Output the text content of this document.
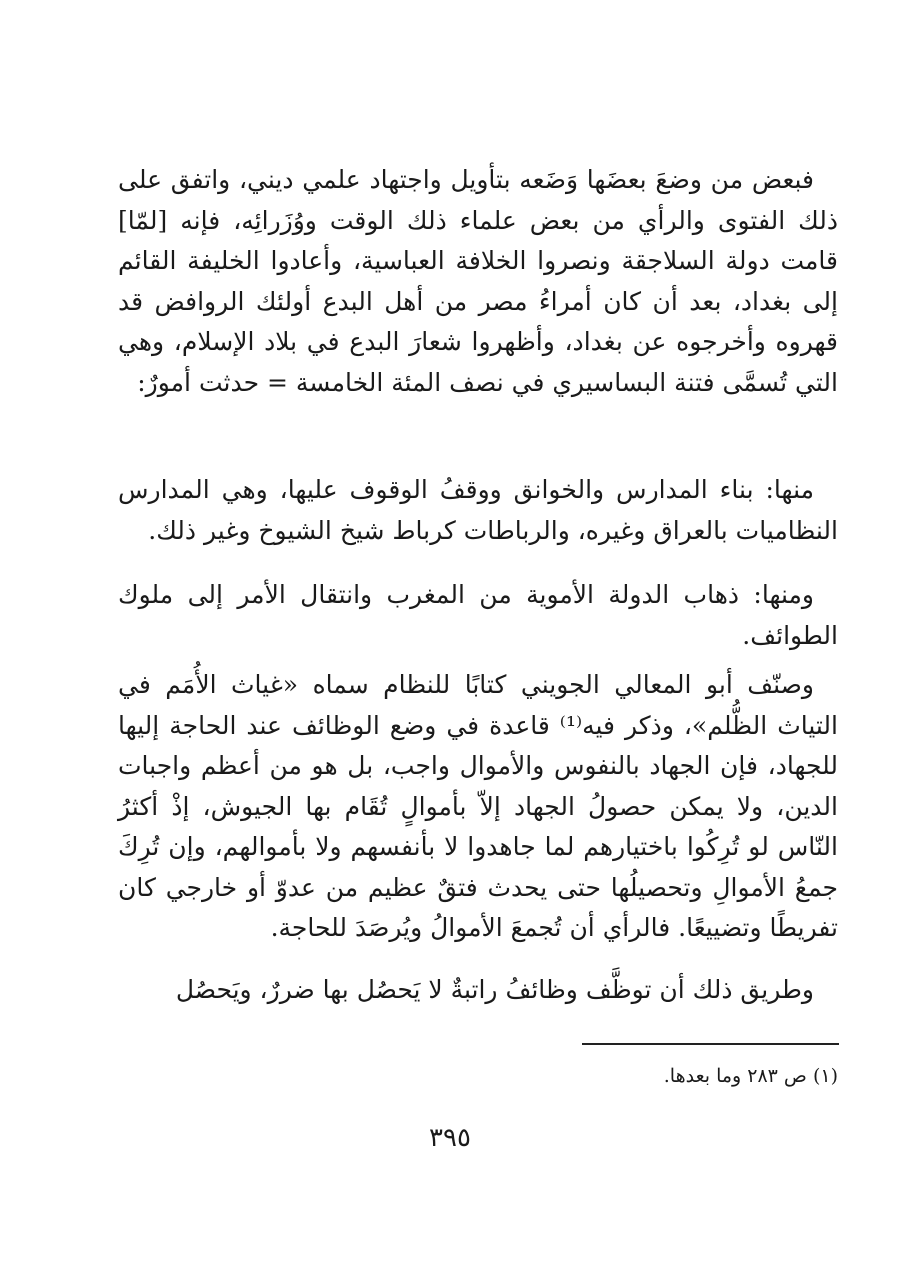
فبعض من وضعَ بعضَها وَضَعه بتأويل واجتهاد علمي ديني، واتفق على ذلك الفتوى والرأي من بعض علماء ذلك الوقت ووُزَرائِه، فإنه [لمّا] قامت دولة السلاجقة ونصروا الخلافة العباسية، وأعادوا الخليفة القائم إلى بغداد، بعد أن كان أمراءُ مصر من أهل البدع أولئك الروافض قد قهروه وأخرجوه عن بغداد، وأظهروا شعارَ البدع في بلاد الإسلام، وهي التي تُسمَّى فتنة البساسيري في نصف المئة الخامسة = حدثت أمورٌ:

منها: بناء المدارس والخوانق ووقفُ الوقوف عليها، وهي المدارس النظاميات بالعراق وغيره، والرباطات كرباط شيخ الشيوخ وغير ذلك.

ومنها: ذهاب الدولة الأموية من المغرب وانتقال الأمر إلى ملوك الطوائف.

وصنّف أبو المعالي الجويني كتابًا للنظام سماه «غياث الأُمَم في التياث الظُّلم»، وذكر فيه⁽¹⁾ قاعدة في وضع الوظائف عند الحاجة إليها للجهاد، فإن الجهاد بالنفوس والأموال واجب، بل هو من أعظم واجبات الدين، ولا يمكن حصولُ الجهاد إلاّ بأموالٍ تُقَام بها الجيوش، إذْ أكثرُ النّاس لو تُرِكُوا باختيارهم لما جاهدوا لا بأنفسهم ولا بأموالهم، وإن تُرِكَ جمعُ الأموالِ وتحصيلُها حتى يحدث فتقٌ عظيم من عدوّ أو خارجي كان تفريطًا وتضييعًا. فالرأي أن تُجمعَ الأموالُ ويُرصَدَ للحاجة.

وطريق ذلك أن توظَّف وظائفُ راتبةٌ لا يَحصُل بها ضررٌ، ويَحصُل

(١) ص ٢٨٣ وما بعدها.
٣٩٥
